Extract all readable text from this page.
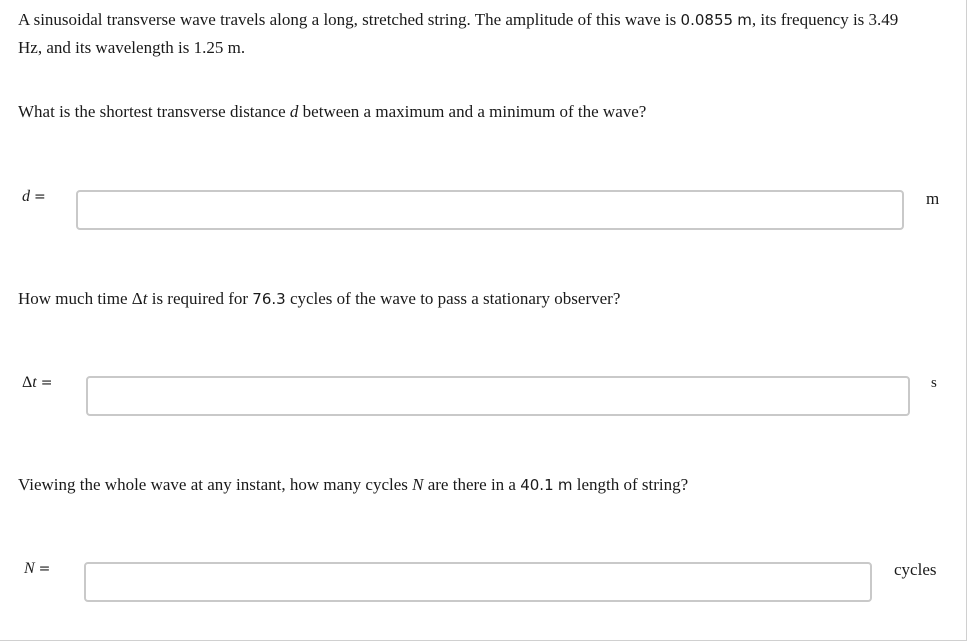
A sinusoidal transverse wave travels along a long, stretched string. The amplitude of this wave is 0.0855 m, its frequency is 3.49 Hz, and its wavelength is 1.25 m.
What is the shortest transverse distance d between a maximum and a minimum of the wave?
d =	m
How much time Δt is required for 76.3 cycles of the wave to pass a stationary observer?
Δt =	s
Viewing the whole wave at any instant, how many cycles N are there in a 40.1 m length of string?
N =	cycles
